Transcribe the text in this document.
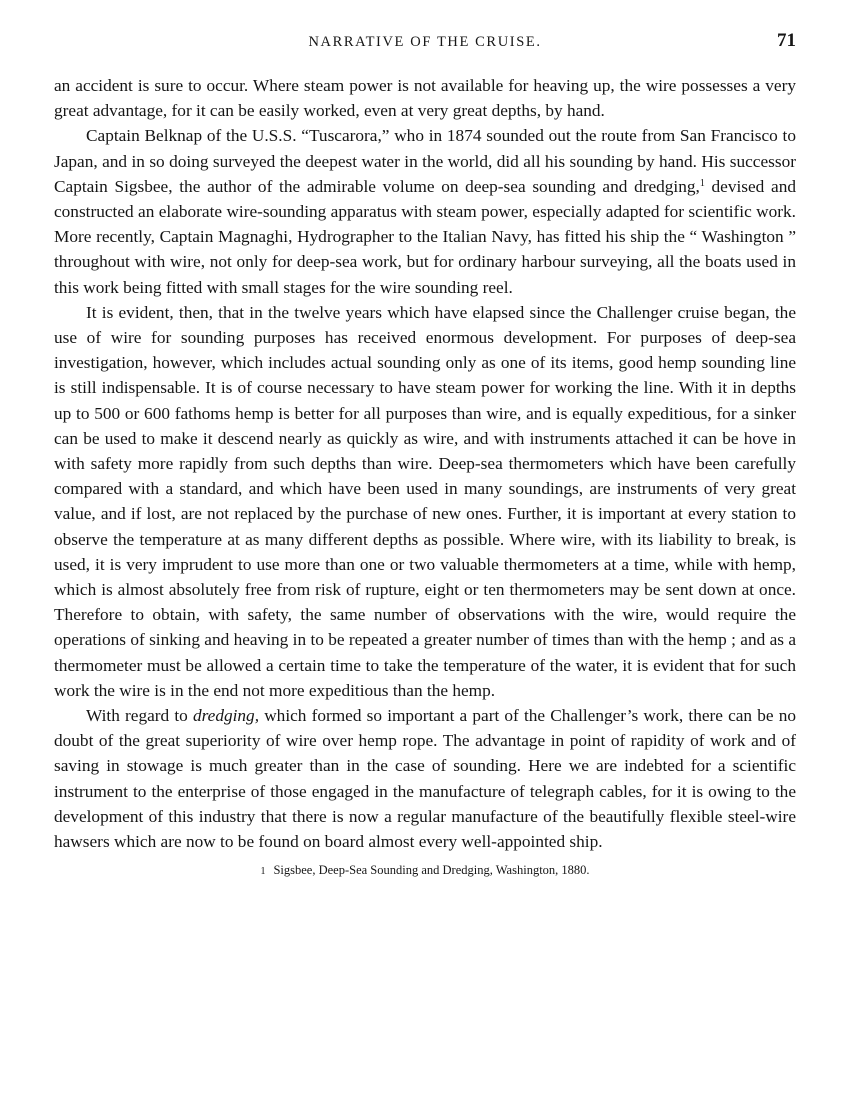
NARRATIVE OF THE CRUISE.	71

an accident is sure to occur. Where steam power is not available for heaving up, the wire possesses a very great advantage, for it can be easily worked, even at very great depths, by hand.

Captain Belknap of the U.S.S. “Tuscarora,” who in 1874 sounded out the route from San Francisco to Japan, and in so doing surveyed the deepest water in the world, did all his sounding by hand. His successor Captain Sigsbee, the author of the admirable volume on deep-sea sounding and dredging,$^1$ devised and constructed an elaborate wire-sounding apparatus with steam power, especially adapted for scientific work. More recently, Captain Magnaghi, Hydrographer to the Italian Navy, has fitted his ship the “ Washington ” throughout with wire, not only for deep-sea work, but for ordinary harbour surveying, all the boats used in this work being fitted with small stages for the wire sounding reel.

It is evident, then, that in the twelve years which have elapsed since the Challenger cruise began, the use of wire for sounding purposes has received enormous development. For purposes of deep-sea investigation, however, which includes actual sounding only as one of its items, good hemp sounding line is still indispensable. It is of course necessary to have steam power for working the line. With it in depths up to 500 or 600 fathoms hemp is better for all purposes than wire, and is equally expeditious, for a sinker can be used to make it descend nearly as quickly as wire, and with instruments attached it can be hove in with safety more rapidly from such depths than wire. Deep-sea thermometers which have been carefully compared with a standard, and which have been used in many soundings, are instruments of very great value, and if lost, are not replaced by the purchase of new ones. Further, it is important at every station to observe the temperature at as many different depths as possible. Where wire, with its liability to break, is used, it is very imprudent to use more than one or two valuable thermometers at a time, while with hemp, which is almost absolutely free from risk of rupture, eight or ten thermometers may be sent down at once. Therefore to obtain, with safety, the same number of observations with the wire, would require the operations of sinking and heaving in to be repeated a greater number of times than with the hemp ; and as a thermometer must be allowed a certain time to take the temperature of the water, it is evident that for such work the wire is in the end not more expeditious than the hemp.

With regard to dredging, which formed so important a part of the Challenger’s work, there can be no doubt of the great superiority of wire over hemp rope. The advantage in point of rapidity of work and of saving in stowage is much greater than in the case of sounding. Here we are indebted for a scientific instrument to the enterprise of those engaged in the manufacture of telegraph cables, for it is owing to the development of this industry that there is now a regular manufacture of the beautifully flexible steel-wire hawsers which are now to be found on board almost every well-appointed ship.

1 Sigsbee, Deep-Sea Sounding and Dredging, Washington, 1880.
